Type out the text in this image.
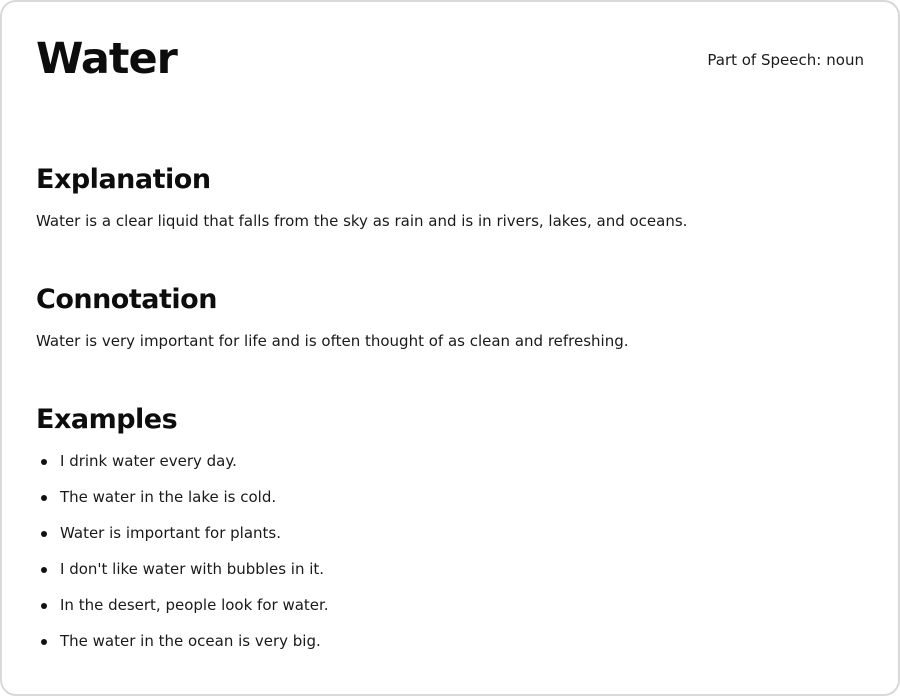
Water	Part of Speech: noun
Explanation

Water is a clear liquid that falls from the sky as rain and is in rivers, lakes, and oceans.

Connotation

Water is very important for life and is often thought of as clean and refreshing.

Examples
I drink water every day.
The water in the lake is cold.
Water is important for plants.
I don't like water with bubbles in it.
In the desert, people look for water.
The water in the ocean is very big.
